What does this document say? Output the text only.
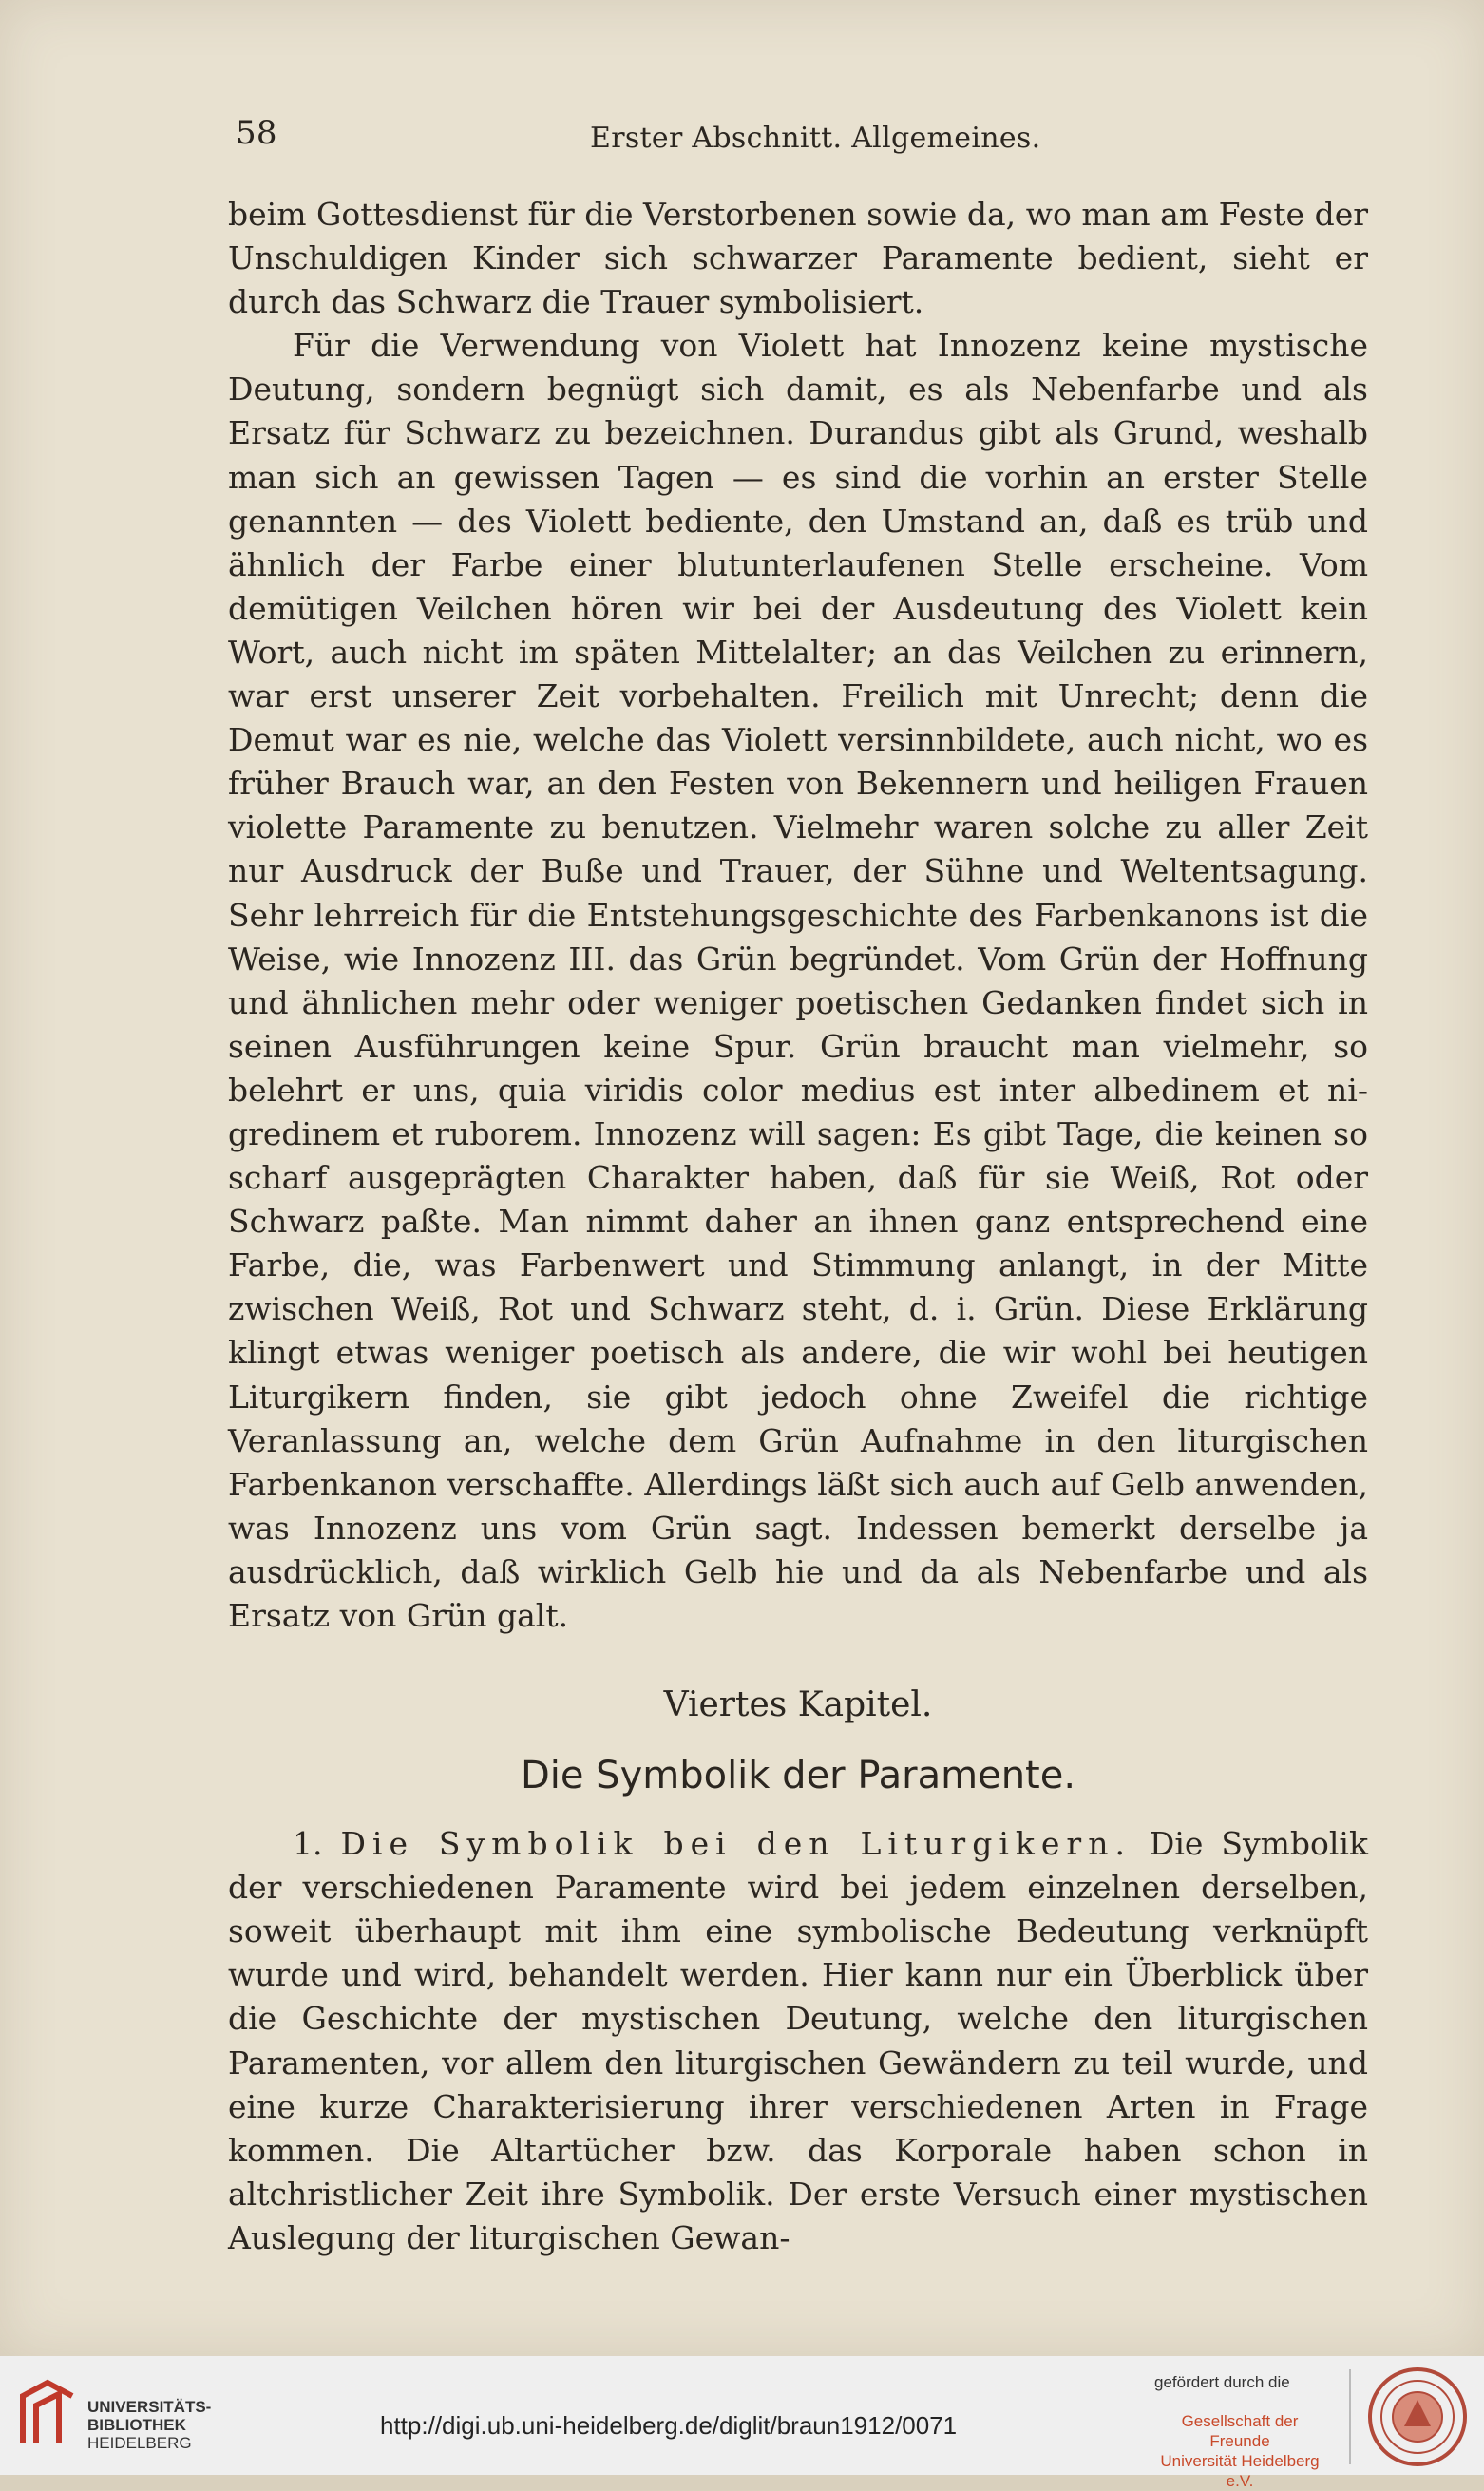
58	Erster Abschnitt. Allgemeines.

beim Gottesdienst für die Verstorbenen sowie da, wo man am Feste der Unschuldigen Kinder sich schwarzer Paramente bedient, sieht er durch das Schwarz die Trauer symbolisiert.

Für die Verwendung von Violett hat Innozenz keine mystische Deutung, sondern begnügt sich damit, es als Nebenfarbe und als Ersatz für Schwarz zu bezeichnen. Durandus gibt als Grund, weshalb man sich an gewissen Tagen — es sind die vorhin an erster Stelle genannten — des Violett bediente, den Umstand an, daß es trüb und ähnlich der Farbe einer blutunterlaufenen Stelle erscheine. Vom demütigen Veilchen hören wir bei der Ausdeutung des Violett kein Wort, auch nicht im späten Mittelalter; an das Veilchen zu erinnern, war erst unserer Zeit vorbehalten. Freilich mit Unrecht; denn die Demut war es nie, welche das Violett versinnbildete, auch nicht, wo es früher Brauch war, an den Festen von Bekennern und heiligen Frauen violette Paramente zu benutzen. Vielmehr waren solche zu aller Zeit nur Ausdruck der Buße und Trauer, der Sühne und Weltentsagung. Sehr lehrreich für die Entstehungsgeschichte des Farbenkanons ist die Weise, wie Innozenz III. das Grün begründet. Vom Grün der Hoffnung und ähnlichen mehr oder weniger poetischen Gedanken findet sich in seinen Ausführungen keine Spur. Grün braucht man vielmehr, so belehrt er uns, quia viridis color medius est inter albedinem et nigredinem et ruborem. Innozenz will sagen: Es gibt Tage, die keinen so scharf ausgeprägten Charakter haben, daß für sie Weiß, Rot oder Schwarz paßte. Man nimmt daher an ihnen ganz entsprechend eine Farbe, die, was Farbenwert und Stimmung anlangt, in der Mitte zwischen Weiß, Rot und Schwarz steht, d. i. Grün. Diese Erklärung klingt etwas weniger poetisch als andere, die wir wohl bei heutigen Liturgikern finden, sie gibt jedoch ohne Zweifel die richtige Veranlassung an, welche dem Grün Aufnahme in den liturgischen Farbenkanon verschaffte. Allerdings läßt sich auch auf Gelb anwenden, was Innozenz uns vom Grün sagt. Indessen bemerkt derselbe ja ausdrücklich, daß wirklich Gelb hie und da als Nebenfarbe und als Ersatz von Grün galt.

Viertes Kapitel.
Die Symbolik der Paramente.

1. Die Symbolik bei den Liturgikern. Die Symbolik der verschiedenen Paramente wird bei jedem einzelnen derselben, soweit überhaupt mit ihm eine symbolische Bedeutung verknüpft wurde und wird, behandelt werden. Hier kann nur ein Überblick über die Geschichte der mystischen Deutung, welche den liturgischen Paramenten, vor allem den liturgischen Gewändern zu teil wurde, und eine kurze Charakterisierung ihrer verschiedenen Arten in Frage kommen. Die Altartücher bzw. das Korporale haben schon in altchristlicher Zeit ihre Symbolik. Der erste Versuch einer mystischen Auslegung der liturgischen Gewan-

UNIVERSITÄTS-
BIBLIOTHEK
HEIDELBERG
http://digi.ub.uni-heidelberg.de/diglit/braun1912/0071
gefördert durch die
Gesellschaft der Freunde
Universität Heidelberg e.V.
